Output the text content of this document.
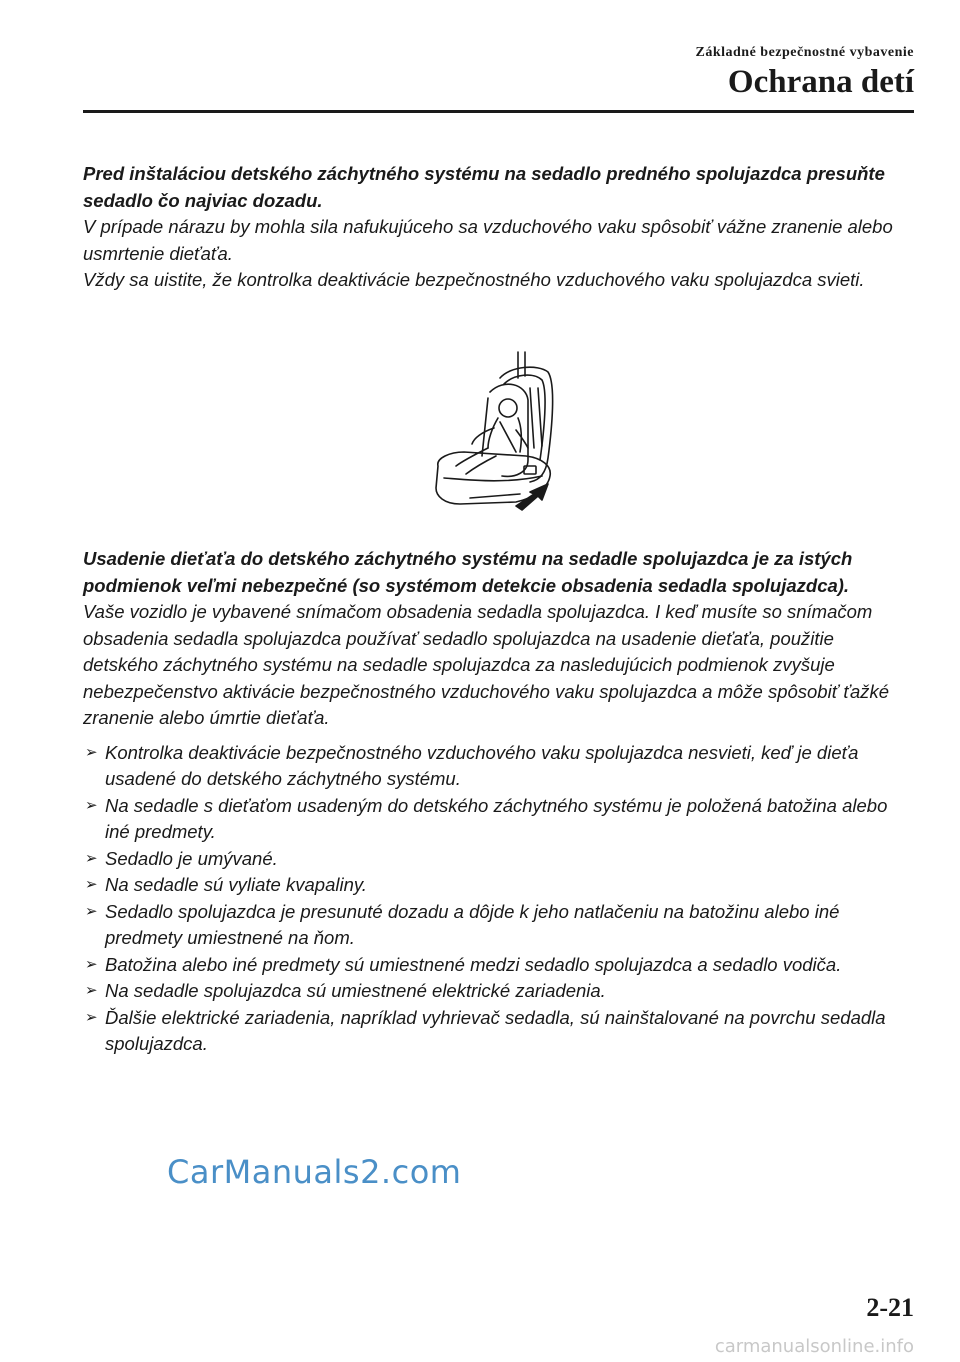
Základné bezpečnostné vybavenie
Ochrana detí

Pred inštaláciou detského záchytného systému na sedadlo predného spolujazdca presuňte sedadlo čo najviac dozadu.

V prípade nárazu by mohla sila nafukujúceho sa vzduchového vaku spôsobiť vážne zranenie alebo usmrtenie dieťaťa.

Vždy sa uistite, že kontrolka deaktivácie bezpečnostného vzduchového vaku spolujazdca svieti.

Usadenie dieťaťa do detského záchytného systému na sedadle spolujazdca je za istých podmienok veľmi nebezpečné (so systémom detekcie obsadenia sedadla spolujazdca).

Vaše vozidlo je vybavené snímačom obsadenia sedadla spolujazdca. I keď musíte so snímačom obsadenia sedadla spolujazdca používať sedadlo spolujazdca na usadenie dieťaťa, použitie detského záchytného systému na sedadle spolujazdca za nasledujúcich podmienok zvyšuje nebezpečenstvo aktivácie bezpečnostného vzduchového vaku spolujazdca a môže spôsobiť ťažké zranenie alebo úmrtie dieťaťa.

➢ Kontrolka deaktivácie bezpečnostného vzduchového vaku spolujazdca nesvieti, keď je dieťa usadené do detského záchytného systému.
➢ Na sedadle s dieťaťom usadeným do detského záchytného systému je položená batožina alebo iné predmety.
➢ Sedadlo je umývané.
➢ Na sedadle sú vyliate kvapaliny.
➢ Sedadlo spolujazdca je presunuté dozadu a dôjde k jeho natlačeniu na batožinu alebo iné predmety umiestnené na ňom.
➢ Batožina alebo iné predmety sú umiestnené medzi sedadlo spolujazdca a sedadlo vodiča.
➢ Na sedadle spolujazdca sú umiestnené elektrické zariadenia.
➢ Ďalšie elektrické zariadenia, napríklad vyhrievač sedadla, sú nainštalované na povrchu sedadla spolujazdca.
CarManuals2.com
2-21
carmanualsonline.info
